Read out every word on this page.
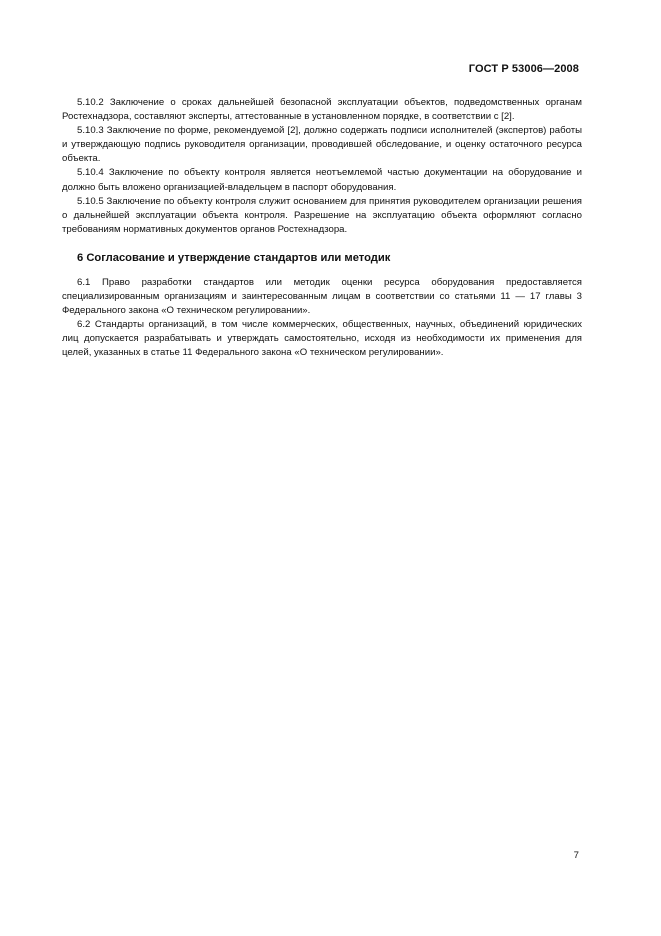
ГОСТ Р 53006—2008

5.10.2 Заключение о сроках дальнейшей безопасной эксплуатации объектов, подведомственных органам Ростехнадзора, составляют эксперты, аттестованные в установленном порядке, в соответствии с [2].

5.10.3 Заключение по форме, рекомендуемой [2], должно содержать подписи исполнителей (экспертов) работы и утверждающую подпись руководителя организации, проводившей обследование, и оценку остаточного ресурса объекта.

5.10.4 Заключение по объекту контроля является неотъемлемой частью документации на оборудование и должно быть вложено организацией-владельцем в паспорт оборудования.

5.10.5 Заключение по объекту контроля служит основанием для принятия руководителем организации решения о дальнейшей эксплуатации объекта контроля. Разрешение на эксплуатацию объекта оформляют согласно требованиям нормативных документов органов Ростехнадзора.

6 Согласование и утверждение стандартов или методик

6.1 Право разработки стандартов или методик оценки ресурса оборудования предоставляется специализированным организациям и заинтересованным лицам в соответствии со статьями 11 — 17 главы 3 Федерального закона «О техническом регулировании».

6.2 Стандарты организаций, в том числе коммерческих, общественных, научных, объединений юридических лиц допускается разрабатывать и утверждать самостоятельно, исходя из необходимости их применения для целей, указанных в статье 11 Федерального закона «О техническом регулировании».

7
